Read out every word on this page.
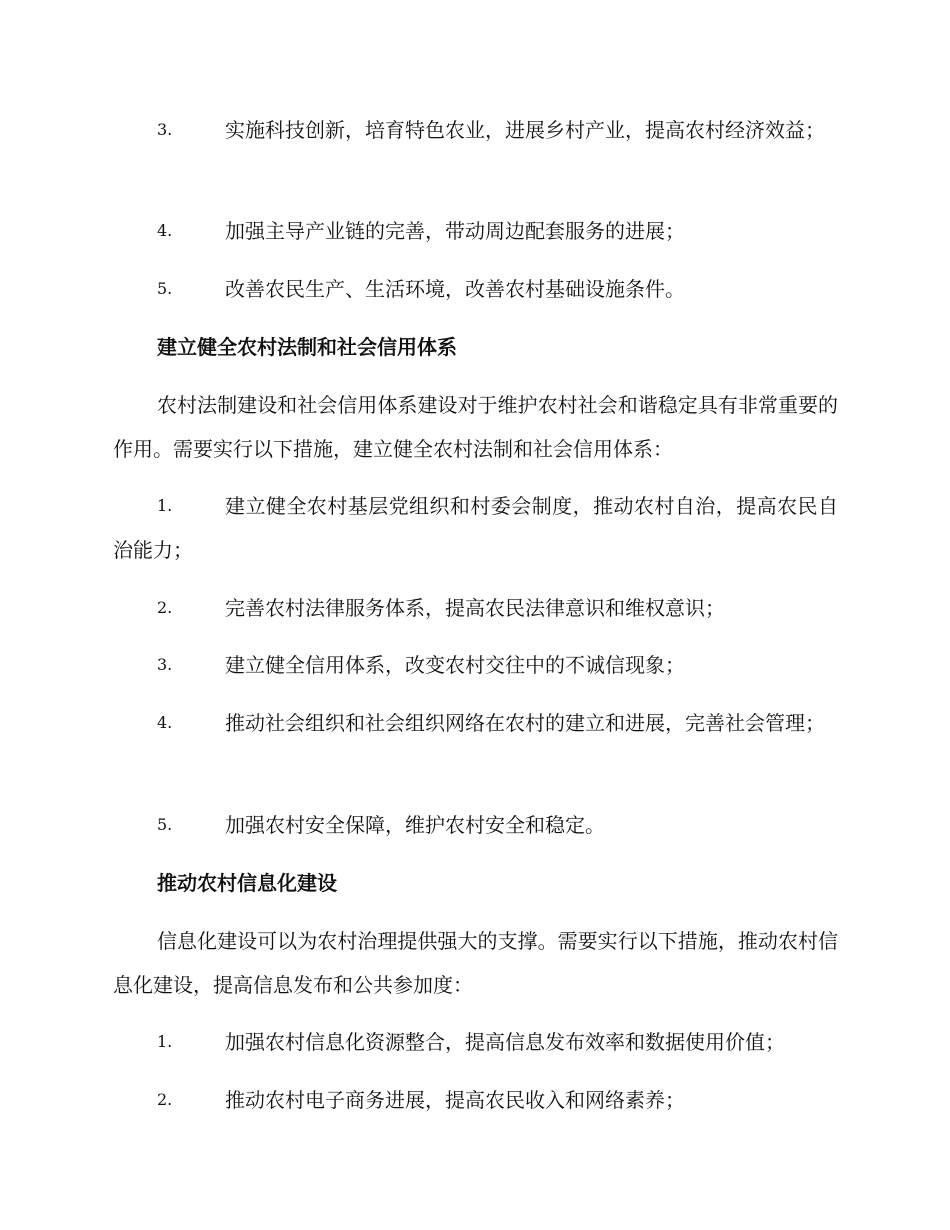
3.	实施科技创新，培育特色农业，进展乡村产业，提高农村经济效益；
4.	加强主导产业链的完善，带动周边配套服务的进展；
5.	改善农民生产、生活环境，改善农村基础设施条件。
建立健全农村法制和社会信用体系
农村法制建设和社会信用体系建设对于维护农村社会和谐稳定具有非常重要的作用。需要实行以下措施，建立健全农村法制和社会信用体系：
1.	建立健全农村基层党组织和村委会制度，推动农村自治，提高农民自治能力；
2.	完善农村法律服务体系，提高农民法律意识和维权意识；
3.	建立健全信用体系，改变农村交往中的不诚信现象；
4.	推动社会组织和社会组织网络在农村的建立和进展，完善社会管理；
5.	加强农村安全保障，维护农村安全和稳定。
推动农村信息化建设
信息化建设可以为农村治理提供强大的支撑。需要实行以下措施，推动农村信息化建设，提高信息发布和公共参加度：
1.	加强农村信息化资源整合，提高信息发布效率和数据使用价值；
2.	推动农村电子商务进展，提高农民收入和网络素养；
